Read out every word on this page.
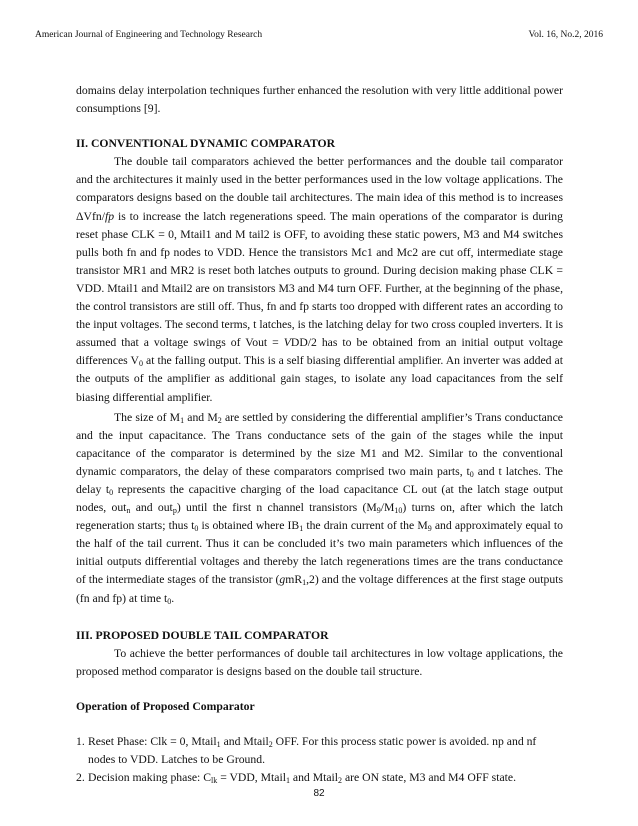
American Journal of Engineering and Technology Research	Vol. 16, No.2, 2016

domains delay interpolation techniques further enhanced the resolution with very little additional power consumptions [9].

II. CONVENTIONAL DYNAMIC COMPARATOR

The double tail comparators achieved the better performances and the double tail comparator and the architectures it mainly used in the better performances used in the low voltage applications. The comparators designs based on the double tail architectures. The main idea of this method is to increases ΔVfn/fp is to increase the latch regenerations speed. The main operations of the comparator is during reset phase CLK = 0, Mtail1 and M tail2 is OFF, to avoiding these static powers, M3 and M4 switches pulls both fn and fp nodes to VDD. Hence the transistors Mc1 and Mc2 are cut off, intermediate stage transistor MR1 and MR2 is reset both latches outputs to ground. During decision making phase CLK = VDD. Mtail1 and Mtail2 are on transistors M3 and M4 turn OFF. Further, at the beginning of the phase, the control transistors are still off. Thus, fn and fp starts too dropped with different rates an according to the input voltages. The second terms, t latches, is the latching delay for two cross coupled inverters. It is assumed that a voltage swings of Vout = VDD/2 has to be obtained from an initial output voltage differences $V_0$ at the falling output. This is a self biasing differential amplifier. An inverter was added at the outputs of the amplifier as additional gain stages, to isolate any load capacitances from the self biasing differential amplifier.

The size of $M_1$ and $M_2$ are settled by considering the differential amplifier’s Trans conductance and the input capacitance. The Trans conductance sets of the gain of the stages while the input capacitance of the comparator is determined by the size M1 and M2. Similar to the conventional dynamic comparators, the delay of these comparators comprised two main parts, $t_0$ and t latches. The delay $t_0$ represents the capacitive charging of the load capacitance CL out (at the latch stage output nodes, out$_n$ and out$_p$) until the first n channel transistors $(M_9/M_{10})$ turns on, after which the latch regeneration starts; thus $t_0$ is obtained where $IB_1$ the drain current of the $M_9$ and approximately equal to the half of the tail current. Thus it can be concluded it’s two main parameters which influences of the initial outputs differential voltages and thereby the latch regenerations times are the trans conductance of the intermediate stages of the transistor (gmR$_1$,2) and the voltage differences at the first stage outputs (fn and fp) at time $t_0$.

III. PROPOSED DOUBLE TAIL COMPARATOR

To achieve the better performances of double tail architectures in low voltage applications, the proposed method comparator is designs based on the double tail structure.

Operation of Proposed Comparator
1. Reset Phase: Clk = 0, Mtail$_1$ and Mtail$_2$ OFF. For this process static power is avoided. np and nf nodes to VDD. Latches to be Ground.
2. Decision making phase: $C_{lk}$ = VDD, Mtail$_1$ and Mtail$_2$ are ON state, M3 and M4 OFF state.
82
